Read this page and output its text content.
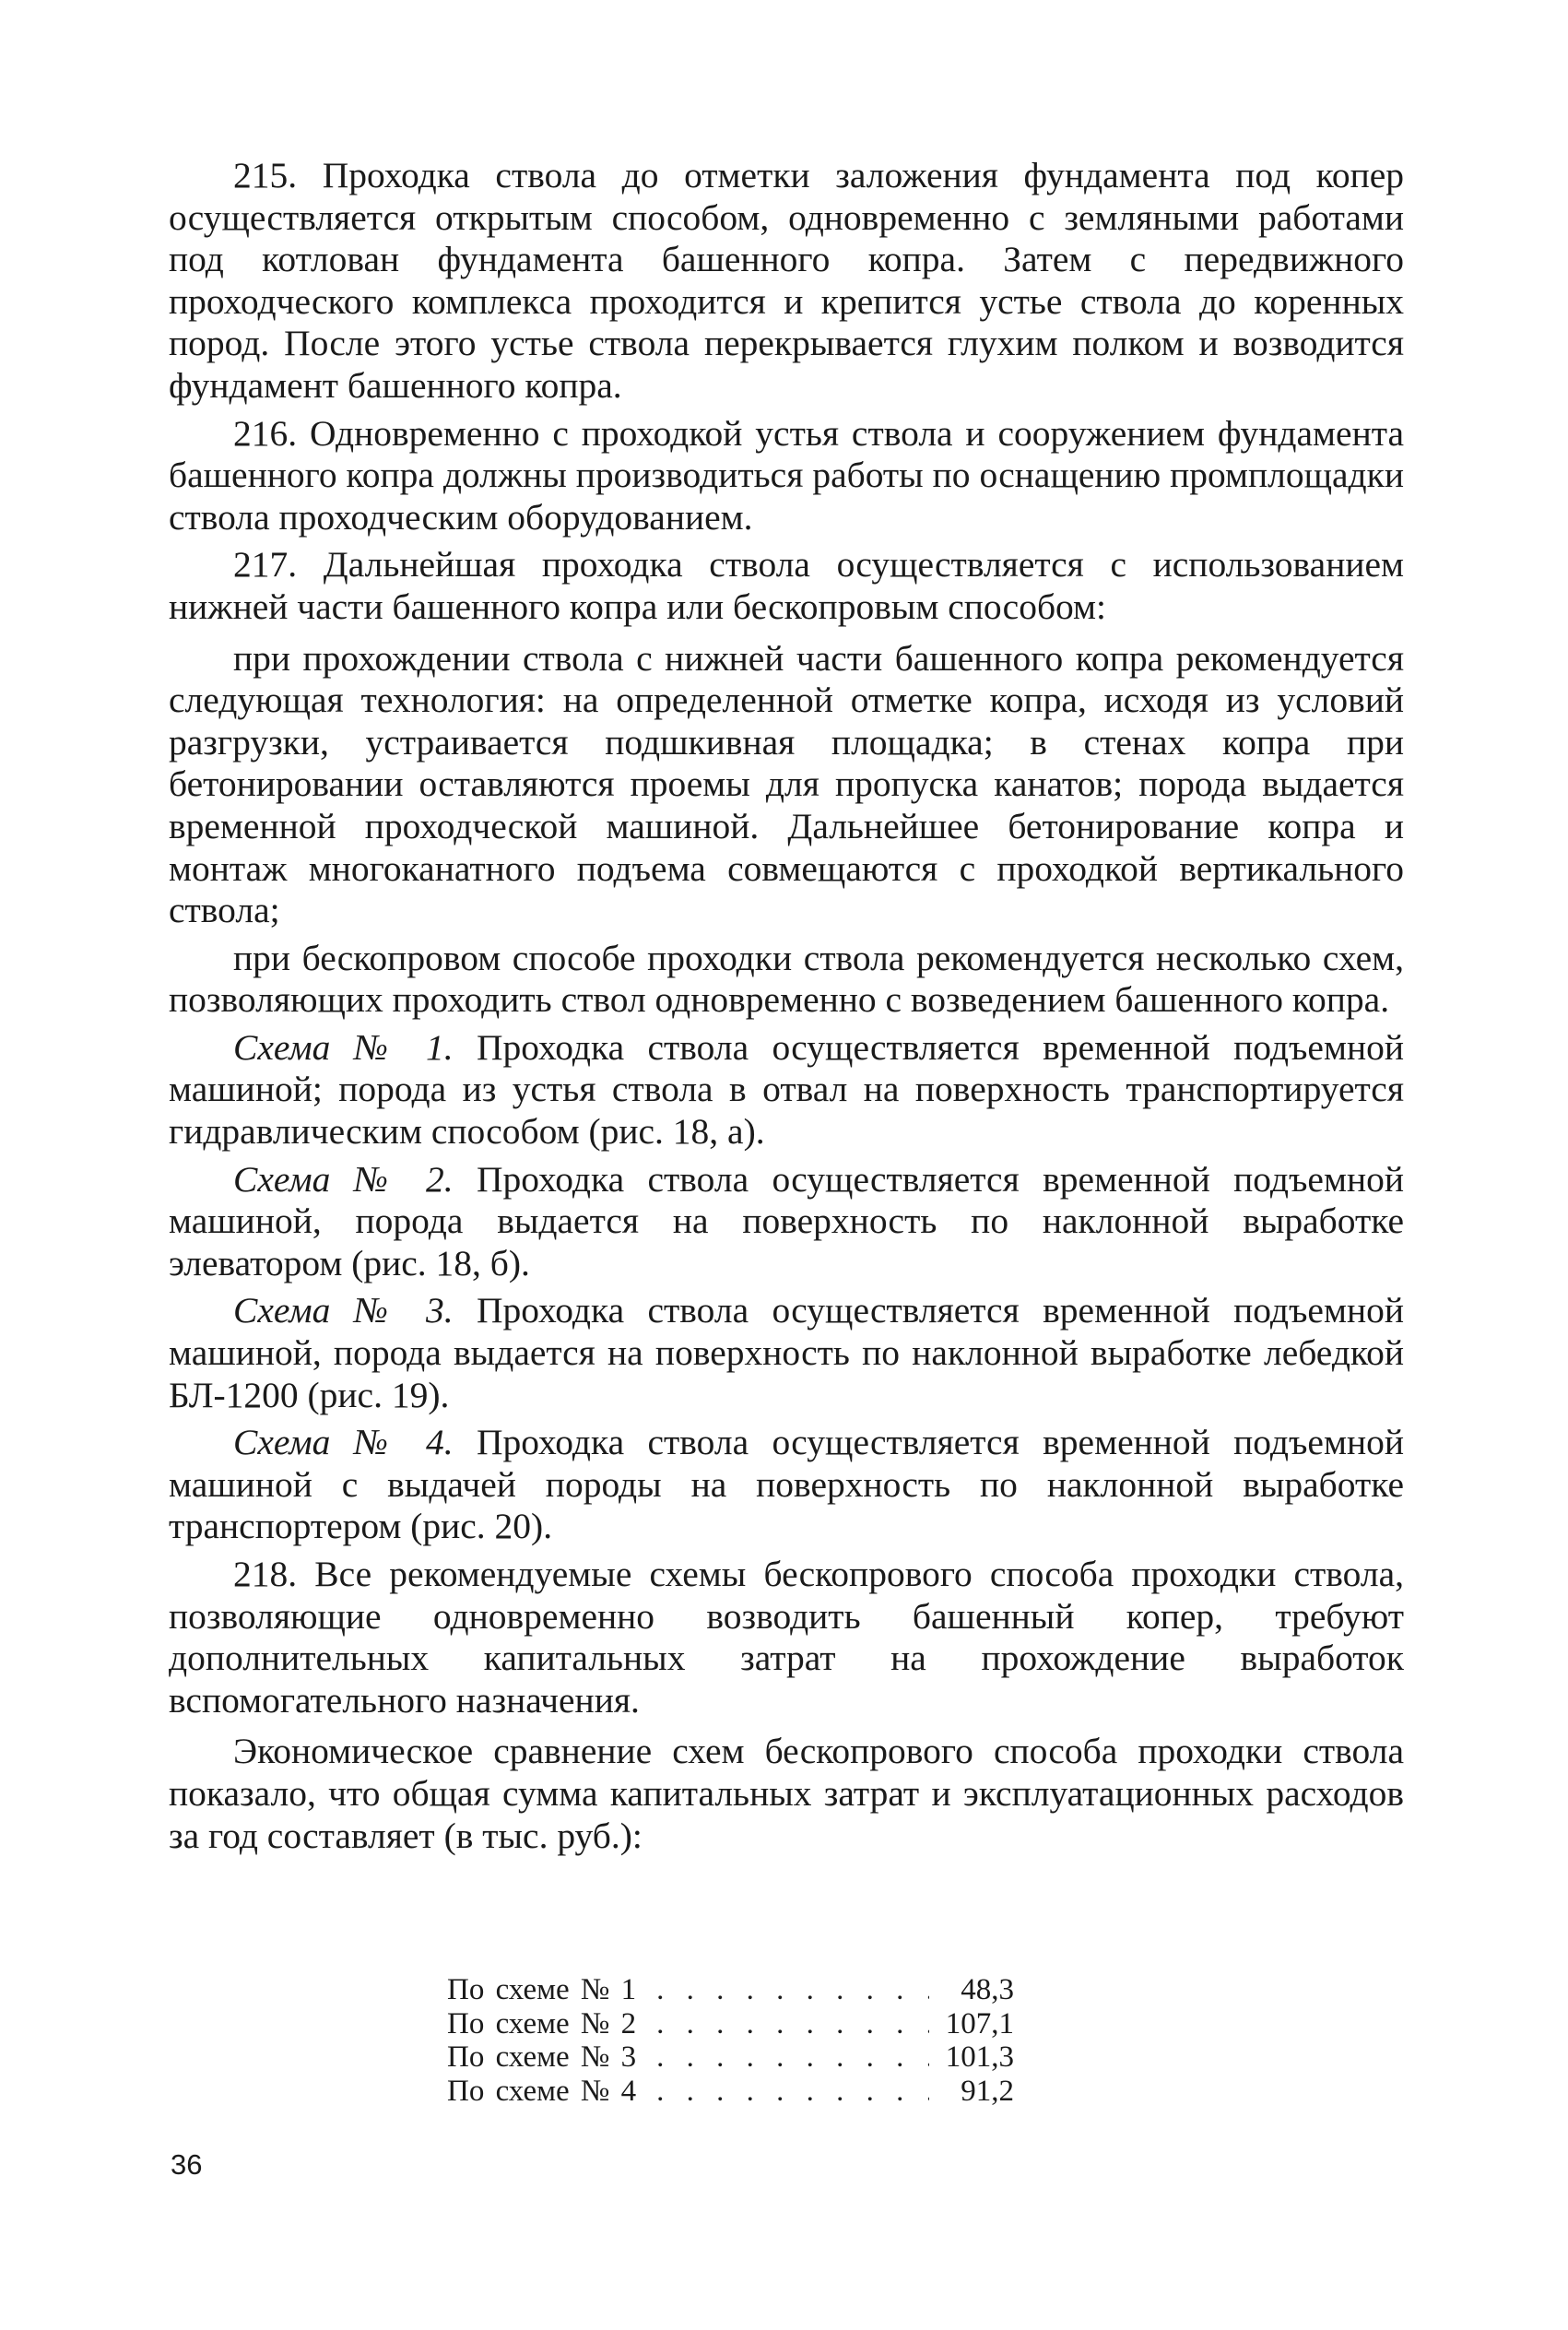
215. Проходка ствола до отметки заложения фундамента под копер осуществляется открытым способом, одновременно с земляными работами под котлован фундамента башенного копра. Затем с передвижного проходческого комплекса проходится и крепится устье ствола до коренных пород. После этого устье ствола перекрывается глухим полком и возводится фундамент башенного копра.

216. Одновременно с проходкой устья ствола и сооружением фундамента башенного копра должны производиться работы по оснащению промплощадки ствола проходческим оборудованием.

217. Дальнейшая проходка ствола осуществляется с использованием нижней части башенного копра или бескопровым способом:

при прохождении ствола с нижней части башенного копра рекомендуется следующая технология: на определенной отметке копра, исходя из условий разгрузки, устраивается подшкивная площадка; в стенах копра при бетонировании оставляются проемы для пропуска канатов; порода выдается временной проходческой машиной. Дальнейшее бетонирование копра и монтаж многоканатного подъема совмещаются с проходкой вертикального ствола;

при бескопровом способе проходки ствола рекомендуется несколько схем, позволяющих проходить ствол одновременно с возведением башенного копра.

Схема № 1. Проходка ствола осуществляется временной подъемной машиной; порода из устья ствола в отвал на поверхность транспортируется гидравлическим способом (рис. 18, а).

Схема № 2. Проходка ствола осуществляется временной подъемной машиной, порода выдается на поверхность по наклонной выработке элеватором (рис. 18, б).

Схема № 3. Проходка ствола осуществляется временной подъемной машиной, порода выдается на поверхность по наклонной выработке лебедкой БЛ-1200 (рис. 19).

Схема № 4. Проходка ствола осуществляется временной подъемной машиной с выдачей породы на поверхность по наклонной выработке транспортером (рис. 20).

218. Все рекомендуемые схемы бескопрового способа проходки ствола, позволяющие одновременно возводить башенный копер, требуют дополнительных капитальных затрат на прохождение выработок вспомогательного назначения.

Экономическое сравнение схем бескопрового способа проходки ствола показало, что общая сумма капитальных затрат и эксплуатационных расходов за год составляет (в тыс. руб.):

По схеме № 1 . . .	48,3
По схеме № 2 . . .	107,1
По схеме № 3 . . .	101,3
По схеме № 4 . . .	91,2
36
